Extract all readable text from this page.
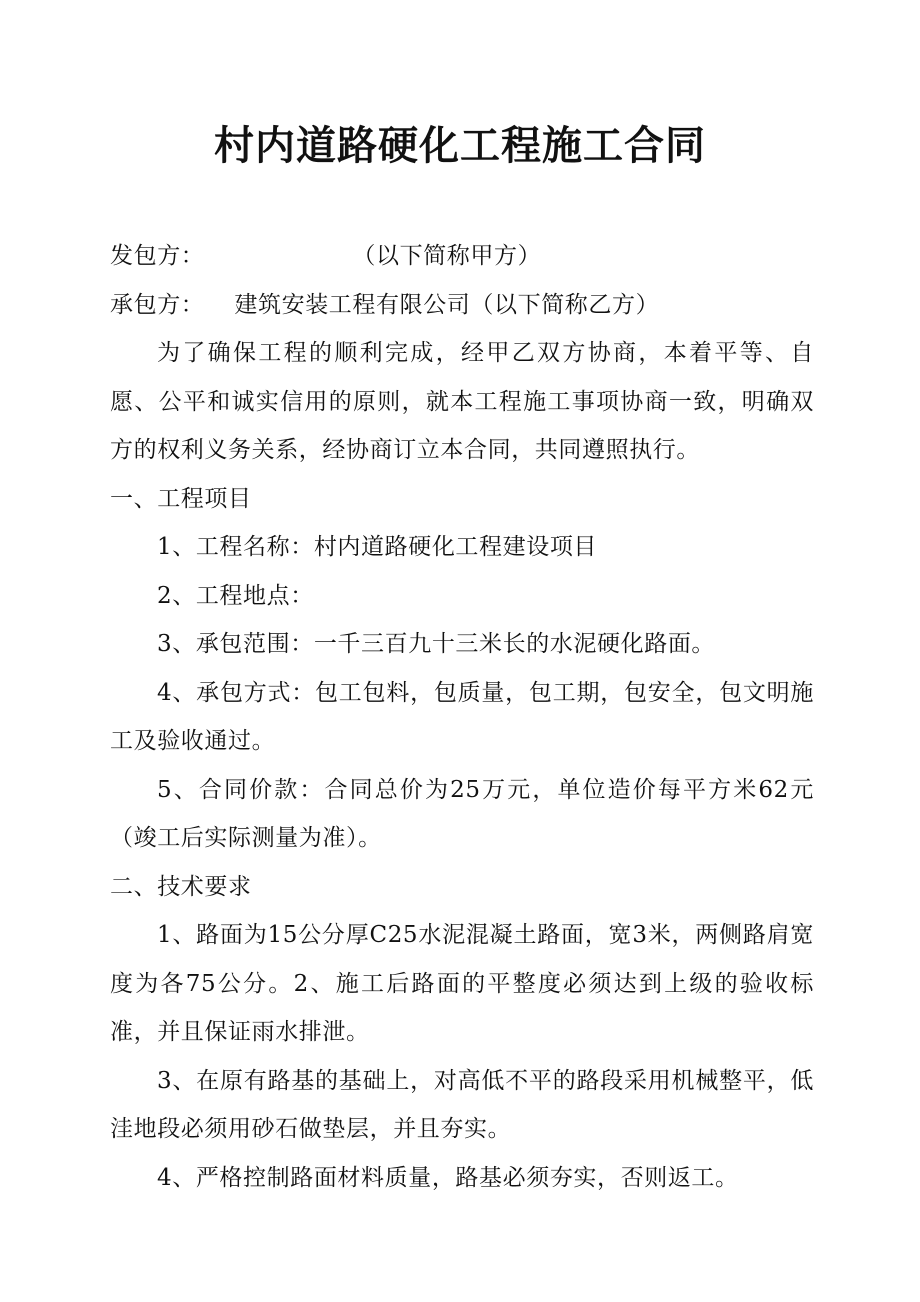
村内道路硬化工程施工合同

发包方：	（以下简称甲方）

承包方： 建筑安装工程有限公司（以下简称乙方）

为了确保工程的顺利完成，经甲乙双方协商，本着平等、自愿、公平和诚实信用的原则，就本工程施工事项协商一致，明确双方的权利义务关系，经协商订立本合同，共同遵照执行。

一、工程项目

1、工程名称：村内道路硬化工程建设项目

2、工程地点：

3、承包范围：一千三百九十三米长的水泥硬化路面。

4、承包方式：包工包料，包质量，包工期，包安全，包文明施工及验收通过。

5、合同价款：合同总价为25万元，单位造价每平方米62元（竣工后实际测量为准）。

二、技术要求

1、路面为15公分厚C25水泥混凝土路面，宽3米，两侧路肩宽度为各75公分。2、施工后路面的平整度必须达到上级的验收标准，并且保证雨水排泄。

3、在原有路基的基础上，对高低不平的路段采用机械整平，低洼地段必须用砂石做垫层，并且夯实。

4、严格控制路面材料质量，路基必须夯实，否则返工。
